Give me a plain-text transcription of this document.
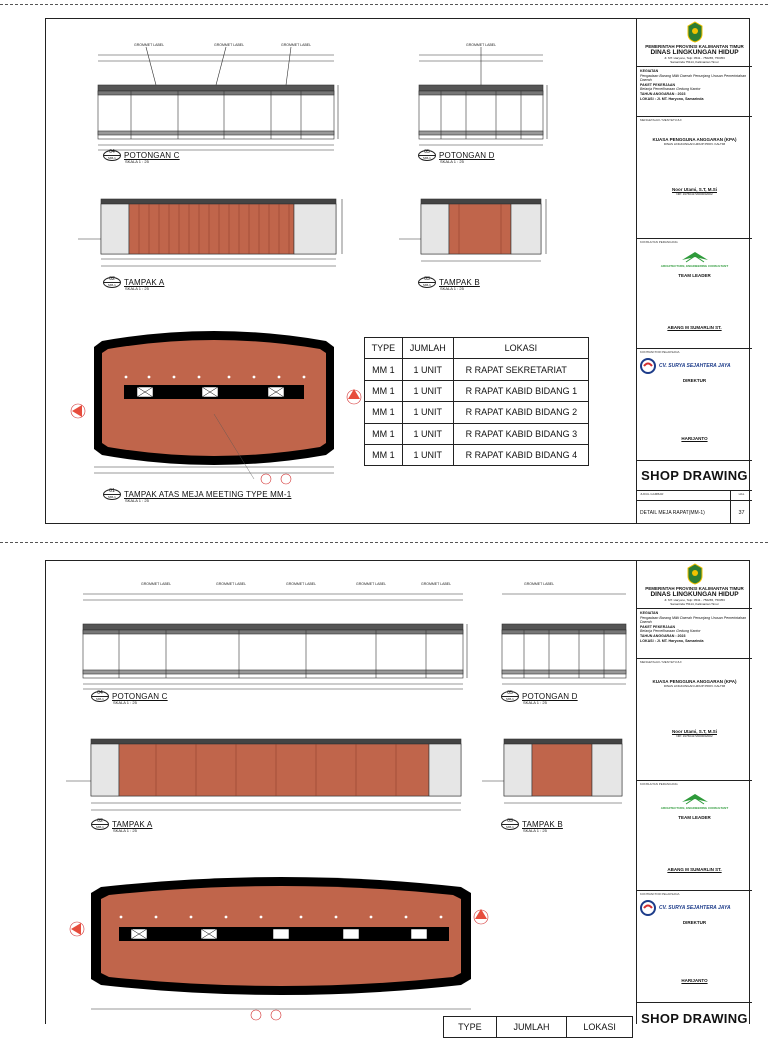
GROMMET LABEL	GROMMET LABEL	GROMMET LABEL	GROMMET LABEL
04
MM-1	POTONGAN C
SKALA 1 : 25
05
MM-1	POTONGAN D
SKALA 1 : 25
02
MM-1	TAMPAK A
SKALA 1 : 25
03
MM-1	TAMPAK B
SKALA 1 : 25
01
MM-1	TAMPAK ATAS MEJA MEETING TYPE MM-1
SKALA 1 : 25
TYPE	JUMLAH	LOKASI
MM 1	1 UNIT	R RAPAT SEKRETARIAT
MM 1	1 UNIT	R RAPAT KABID BIDANG 1
MM 1	1 UNIT	R RAPAT KABID BIDANG 2
MM 1	1 UNIT	R RAPAT KABID BIDANG 3
MM 1	1 UNIT	R RAPAT KABID BIDANG 4
PEMERINTAH PROVINSI KALIMANTAN TIMUR
DINAS LINGKUNGAN HIDUP
Jl. MT. Haryono, Telp: 0541 - 750265, 750353
Samarinda 75114, Kalimantan Timur
KEGIATAN
Pengadaan Barang Milik Daerah Penunjang Urusan Pemerintahan Daerah
PAKET PEKERJAAN
Belanja Pemeliharaan Gedung Kantor
TAHUN ANGGARAN : 2023
LOKASI : Jl. MT. Haryono, Samarinda
MENGETAHUI / MENYETUJUI
KUASA PENGGUNA ANGGARAN (KPA)
DINAS LINGKUNGAN HIDUP PROV. KALTIM
Noor Utami, S.T, M.Si
NIP. 197604172000032002
KONSULTAN PERANCANG
ARCHITECTURE, ENGINEERING CONSULTANT
TEAM LEADER
ABANG M SUMARLIN ST.
KONTRAKTOR PELAKSANA
CV. SURYA SEJAHTERA JAYA
DIREKTUR
HARIJANTO
SHOP DRAWING
JUDUL GAMBAR	HAL
DETAIL MEJA RAPAT(MM-1)	37
GROMMET LABEL	GROMMET LABEL	GROMMET LABEL	GROMMET LABEL	GROMMET LABEL	GROMMET LABEL
04
MM-1	POTONGAN C
SKALA 1 : 25
05
MM-1	POTONGAN D
SKALA 1 : 25
02
MM-1	TAMPAK A
SKALA 1 : 25
03
MM-1	TAMPAK B
SKALA 1 : 25
TYPE	JUMLAH	LOKASI
PEMERINTAH PROVINSI KALIMANTAN TIMUR
DINAS LINGKUNGAN HIDUP
Jl. MT. Haryono, Telp: 0541 - 750265, 750353
Samarinda 75114, Kalimantan Timur
KEGIATAN
Pengadaan Barang Milik Daerah Penunjang Urusan Pemerintahan Daerah
PAKET PEKERJAAN
Belanja Pemeliharaan Gedung Kantor
TAHUN ANGGARAN : 2023
LOKASI : Jl. MT. Haryono, Samarinda
MENGETAHUI / MENYETUJUI
KUASA PENGGUNA ANGGARAN (KPA)
DINAS LINGKUNGAN HIDUP PROV. KALTIM
Noor Utami, S.T, M.Si
NIP. 197604172000032002
KONSULTAN PERANCANG
ARCHITECTURE, ENGINEERING CONSULTANT
TEAM LEADER
ABANG M SUMARLIN ST.
KONTRAKTOR PELAKSANA
CV. SURYA SEJAHTERA JAYA
DIREKTUR
HARIJANTO
SHOP DRAWING
